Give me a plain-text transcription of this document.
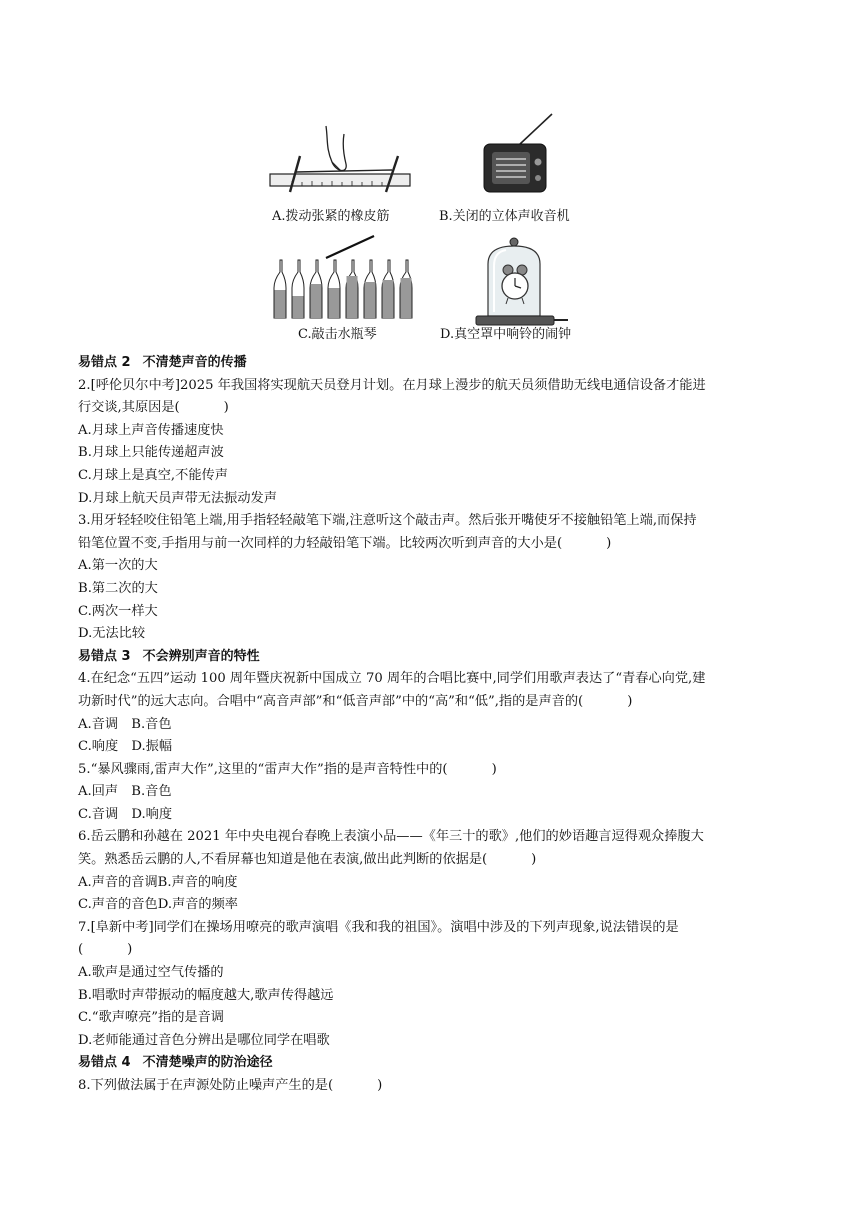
A.拨动张紧的橡皮筋	B.关闭的立体声收音机
C.敲击水瓶琴	D.真空罩中响铃的闹钟
易错点 2 不清楚声音的传播
2.[呼伦贝尔中考]2025 年我国将实现航天员登月计划。在月球上漫步的航天员须借助无线电通信设备才能进
行交谈,其原因是(	)
A.月球上声音传播速度快
B.月球上只能传递超声波
C.月球上是真空,不能传声
D.月球上航天员声带无法振动发声
3.用牙轻轻咬住铅笔上端,用手指轻轻敲笔下端,注意听这个敲击声。然后张开嘴使牙不接触铅笔上端,而保持
铅笔位置不变,手指用与前一次同样的力轻敲铅笔下端。比较两次听到声音的大小是(	)
A.第一次的大
B.第二次的大
C.两次一样大
D.无法比较
易错点 3 不会辨别声音的特性
4.在纪念“五四”运动 100 周年暨庆祝新中国成立 70 周年的合唱比赛中,同学们用歌声表达了“青春心向党,建
功新时代”的远大志向。合唱中“高音声部”和“低音声部”中的“高”和“低”,指的是声音的(	)
A.音调　B.音色
C.响度　D.振幅
5.“暴风骤雨,雷声大作”,这里的“雷声大作”指的是声音特性中的(	)
A.回声　B.音色
C.音调　D.响度
6.岳云鹏和孙越在 2021 年中央电视台春晚上表演小品——《年三十的歌》,他们的妙语趣言逗得观众捧腹大
笑。熟悉岳云鹏的人,不看屏幕也知道是他在表演,做出此判断的依据是(	)
A.声音的音调B.声音的响度
C.声音的音色D.声音的频率
7.[阜新中考]同学们在操场用嘹亮的歌声演唱《我和我的祖国》。演唱中涉及的下列声现象,说法错误的是
(	)
A.歌声是通过空气传播的
B.唱歌时声带振动的幅度越大,歌声传得越远
C.“歌声嘹亮”指的是音调
D.老师能通过音色分辨出是哪位同学在唱歌
易错点 4 不清楚噪声的防治途径
8.下列做法属于在声源处防止噪声产生的是(	)
